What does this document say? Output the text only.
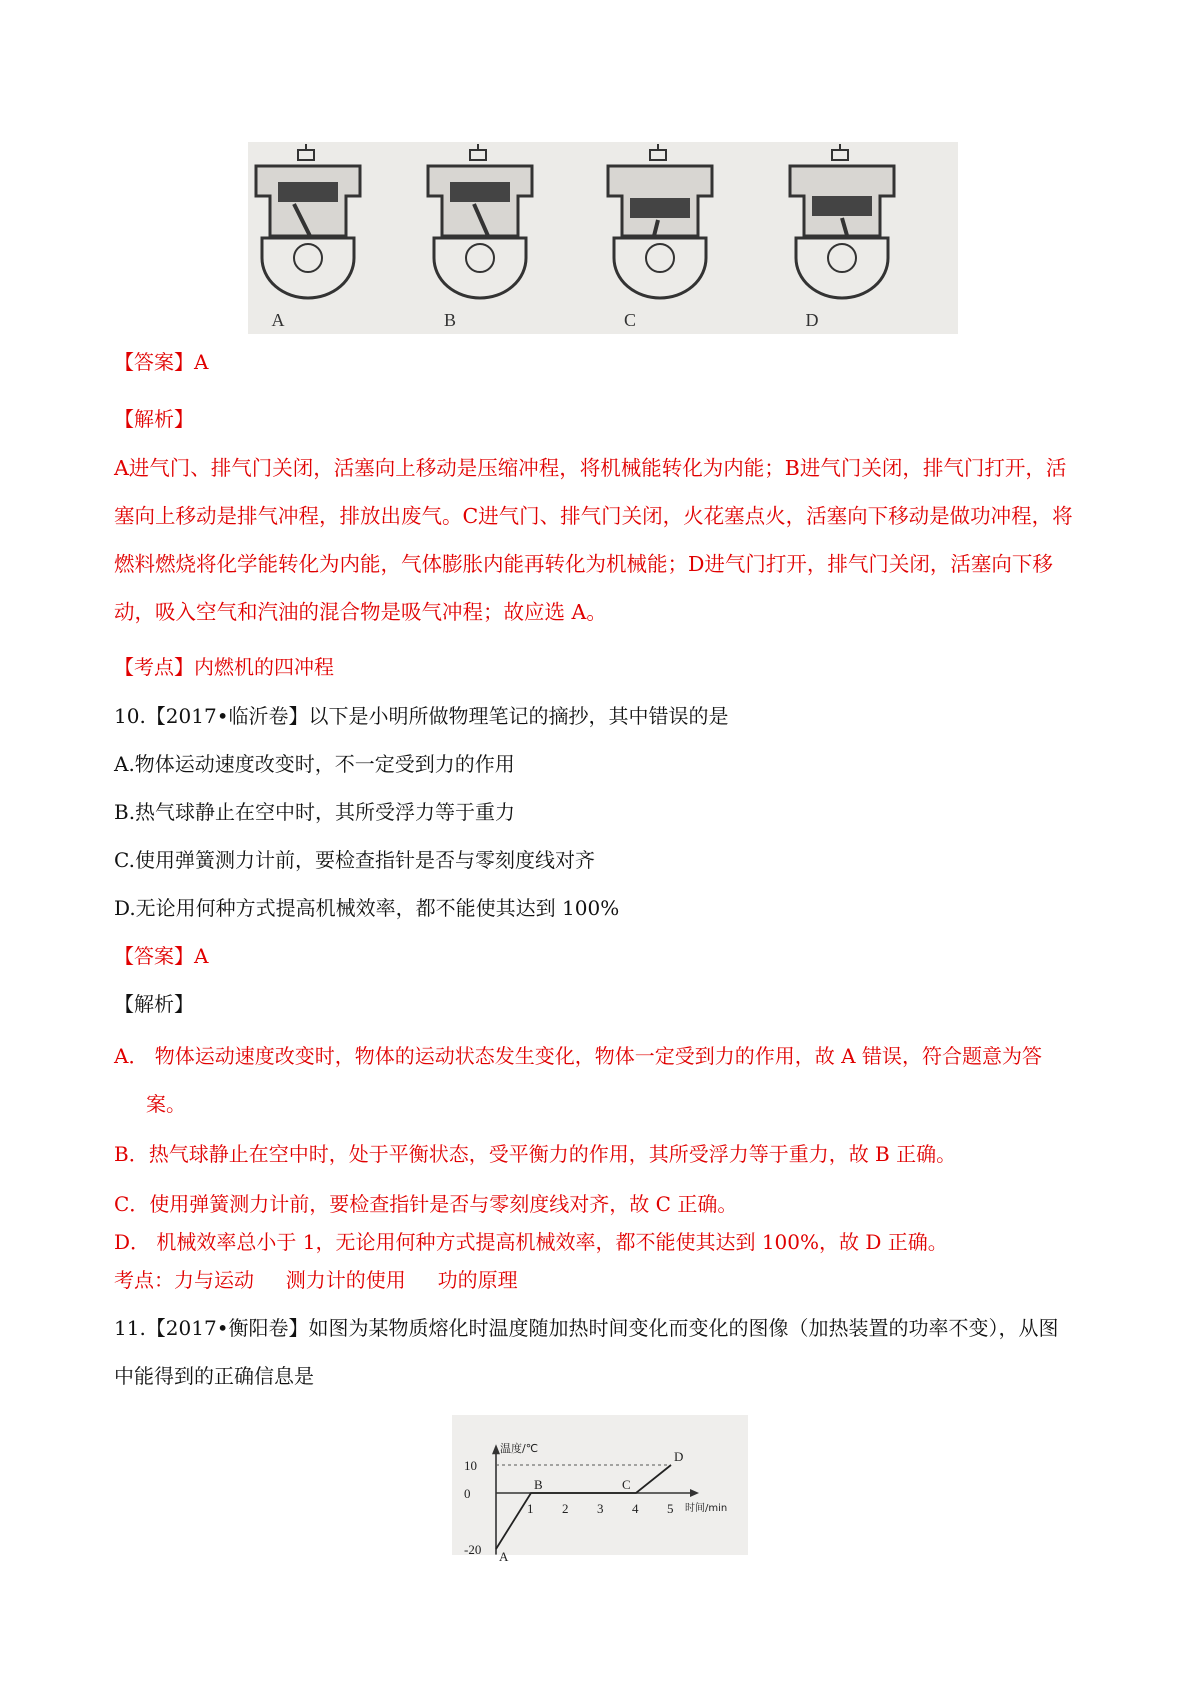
A	B	C	D
【答案】A
【解析】
A进气门、排气门关闭，活塞向上移动是压缩冲程，将机械能转化为内能；B进气门关闭，排气门打开，活
塞向上移动是排气冲程，排放出废气。C进气门、排气门关闭，火花塞点火，活塞向下移动是做功冲程，将
燃料燃烧将化学能转化为内能，气体膨胀内能再转化为机械能；D进气门打开，排气门关闭，活塞向下移
动，吸入空气和汽油的混合物是吸气冲程；故应选 A。
【考点】内燃机的四冲程
10.【2017•临沂卷】以下是小明所做物理笔记的摘抄，其中错误的是
A.物体运动速度改变时，不一定受到力的作用
B.热气球静止在空中时，其所受浮力等于重力
C.使用弹簧测力计前，要检查指针是否与零刻度线对齐
D.无论用何种方式提高机械效率，都不能使其达到 100%
【答案】A
【解析】
A． 物体运动速度改变时，物体的运动状态发生变化，物体一定受到力的作用，故 A 错误，符合题意为答
案。
B．热气球静止在空中时，处于平衡状态，受平衡力的作用，其所受浮力等于重力，故 B 正确。
C．使用弹簧测力计前，要检查指针是否与零刻度线对齐，故 C 正确。
D． 机械效率总小于 1，无论用何种方式提高机械效率，都不能使其达到 100%，故 D 正确。
考点：力与运动     测力计的使用     功的原理
11.【2017•衡阳卷】如图为某物质熔化时温度随加热时间变化而变化的图像（加热装置的功率不变），从图
中能得到的正确信息是
温度/℃
时间/min
1 2 3 4 5
10
0
-20 A
B	C
D
